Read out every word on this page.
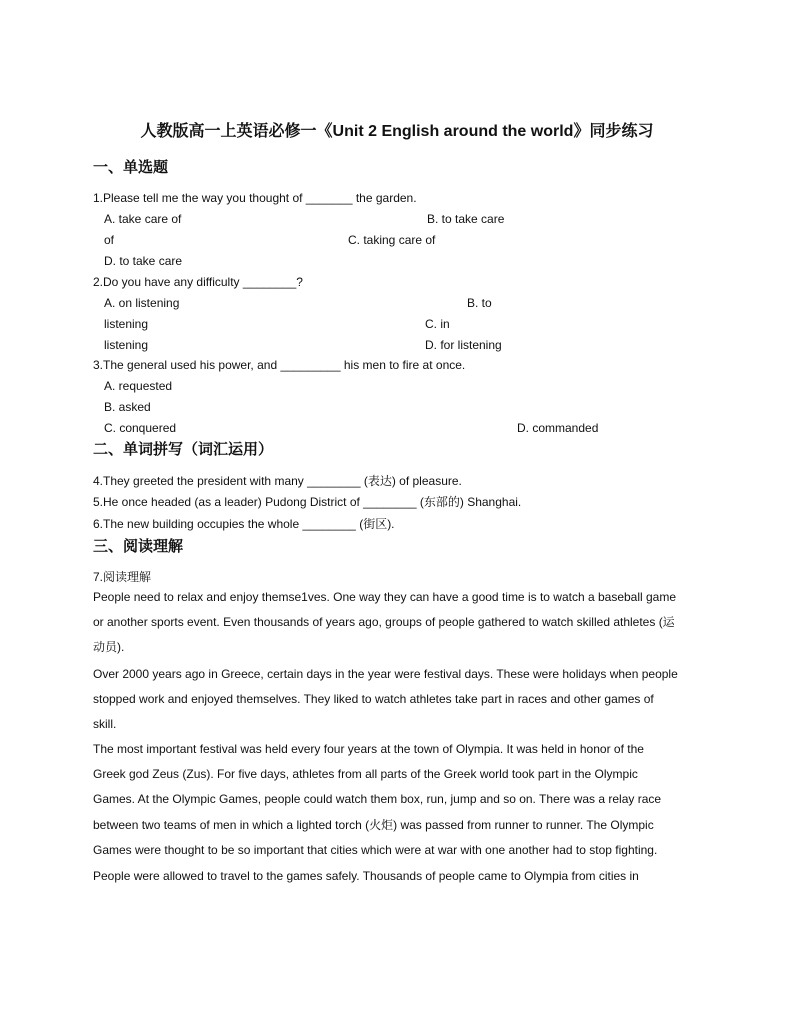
人教版高一上英语必修一《Unit 2 English around the world》同步练习
一、单选题
1.Please tell me the way you thought of _______ the garden.
A. take care of	B. to take care
of	C. taking care of
D. to take care
2.Do you have any difficulty ________?
A. on listening	B. to
listening	C. in
listening	D. for listening
3.The general used his power, and _________ his men to fire at once.
A. requested
B. asked
C. conquered	D. commanded
二、单词拼写（词汇运用）
4.They greeted the president with many ________ (表达) of pleasure.
5.He once headed (as a leader) Pudong District of ________ (东部的) Shanghai.
6.The new building occupies the whole ________ (街区).
三、阅读理解
7.阅读理解
People need to relax and enjoy themse1ves. One way they can have a good time is to watch a baseball game
or another sports event. Even thousands of years ago, groups of people gathered to watch skilled athletes (运
动员).
Over 2000 years ago in Greece, certain days in the year were festival days. These were holidays when people
stopped work and enjoyed themselves. They liked to watch athletes take part in races and other games of
skill.
The most important festival was held every four years at the town of Olympia. It was held in honor of the
Greek god Zeus (Zus). For five days, athletes from all parts of the Greek world took part in the Olympic
Games. At the Olympic Games, people could watch them box, run, jump and so on. There was a relay race
between two teams of men in which a lighted torch (火炬) was passed from runner to runner. The Olympic
Games were thought to be so important that cities which were at war with one another had to stop fighting.
People were allowed to travel to the games safely. Thousands of people came to Olympia from cities in
